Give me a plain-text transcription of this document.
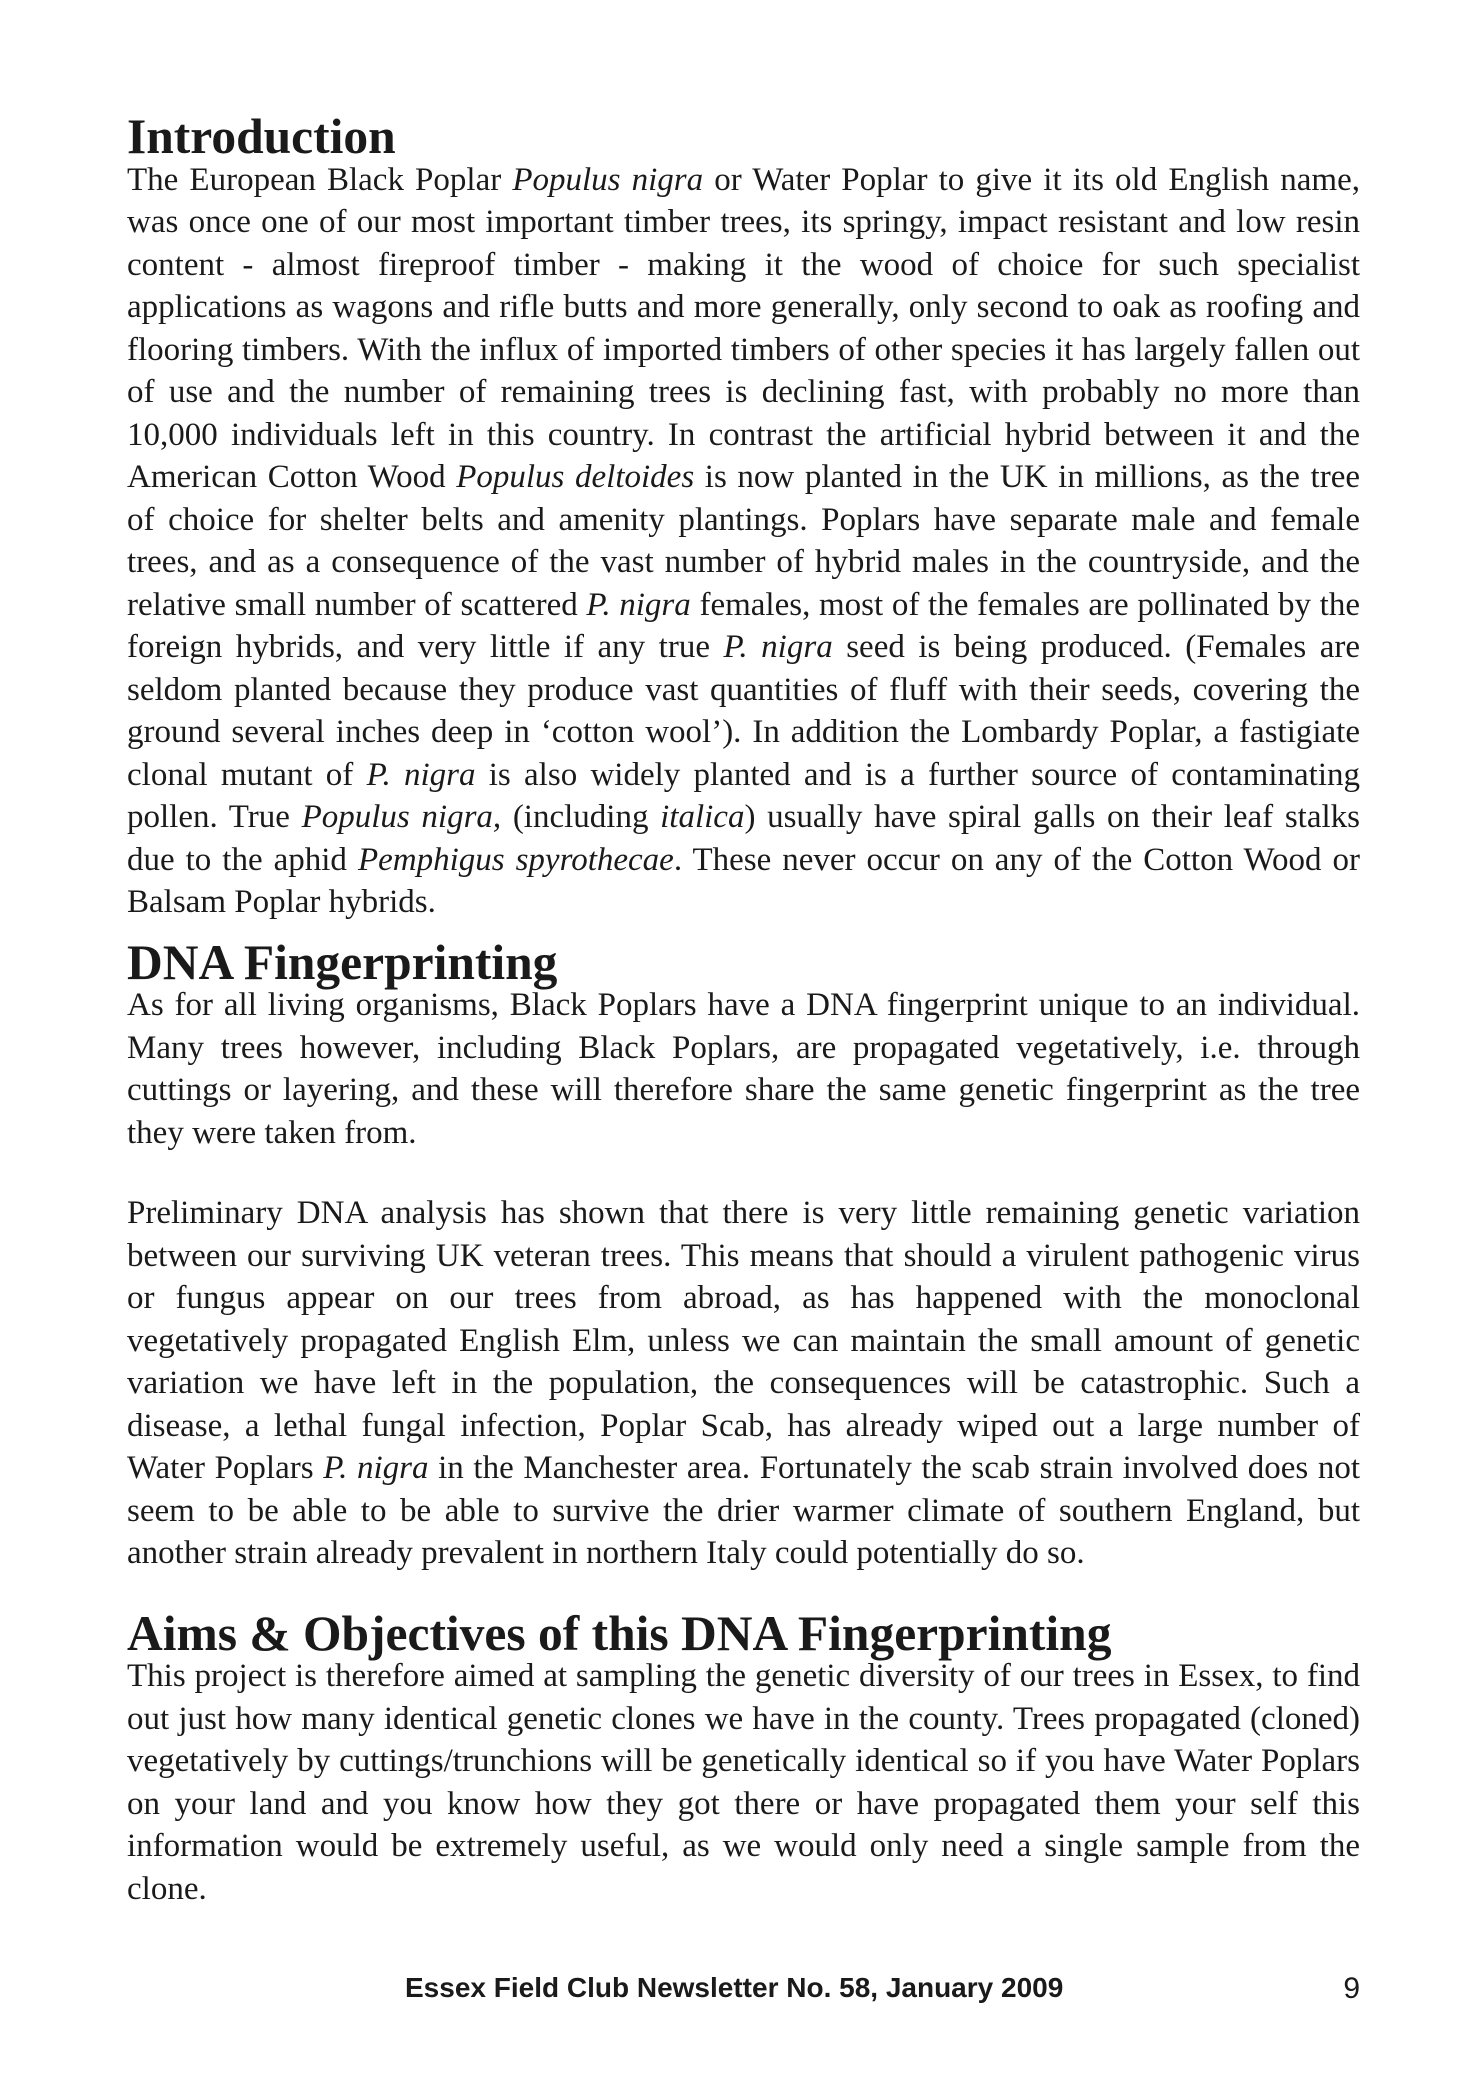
Introduction

The European Black Poplar Populus nigra or Water Poplar to give it its old English name, was once one of our most important timber trees, its springy, impact resistant and low resin content - almost fireproof timber - making it the wood of choice for such specialist applications as wagons and rifle butts and more generally, only second to oak as roofing and flooring timbers. With the influx of imported timbers of other species it has largely fallen out of use and the number of remaining trees is declining fast, with probably no more than 10,000 individuals left in this country. In contrast the artificial hybrid between it and the American Cotton Wood Populus deltoides is now planted in the UK in millions, as the tree of choice for shelter belts and amenity plantings. Poplars have separate male and female trees, and as a consequence of the vast number of hybrid males in the countryside, and the relative small number of scattered P. nigra females, most of the females are pollinated by the foreign hybrids, and very little if any true P. nigra seed is being produced. (Females are seldom planted because they produce vast quantities of fluff with their seeds, covering the ground several inches deep in ‘cotton wool’). In addition the Lombardy Poplar, a fastigiate clonal mutant of P. nigra is also widely planted and is a further source of contaminating pollen. True Populus nigra, (including italica) usually have spiral galls on their leaf stalks due to the aphid Pemphigus spyrothecae. These never occur on any of the Cotton Wood or Balsam Poplar hybrids.

DNA Fingerprinting

As for all living organisms, Black Poplars have a DNA fingerprint unique to an individual. Many trees however, including Black Poplars, are propagated vegetatively, i.e. through cuttings or layering, and these will therefore share the same genetic fingerprint as the tree they were taken from.

Preliminary DNA analysis has shown that there is very little remaining genetic variation between our surviving UK veteran trees. This means that should a virulent pathogenic virus or fungus appear on our trees from abroad, as has happened with the monoclonal vegetatively propagated English Elm, unless we can maintain the small amount of genetic variation we have left in the population, the consequences will be catastrophic. Such a disease, a lethal fungal infection, Poplar Scab, has already wiped out a large number of Water Poplars P. nigra in the Manchester area. Fortunately the scab strain involved does not seem to be able to be able to survive the drier warmer climate of southern England, but another strain already prevalent in northern Italy could potentially do so.

Aims & Objectives of this DNA Fingerprinting

This project is therefore aimed at sampling the genetic diversity of our trees in Essex, to find out just how many identical genetic clones we have in the county. Trees propagated (cloned) vegetatively by cuttings/trunchions will be genetically identical so if you have Water Poplars on your land and you know how they got there or have propagated them your self this information would be extremely useful, as we would only need a single sample from the clone.

Essex Field Club Newsletter No. 58, January 2009	9
